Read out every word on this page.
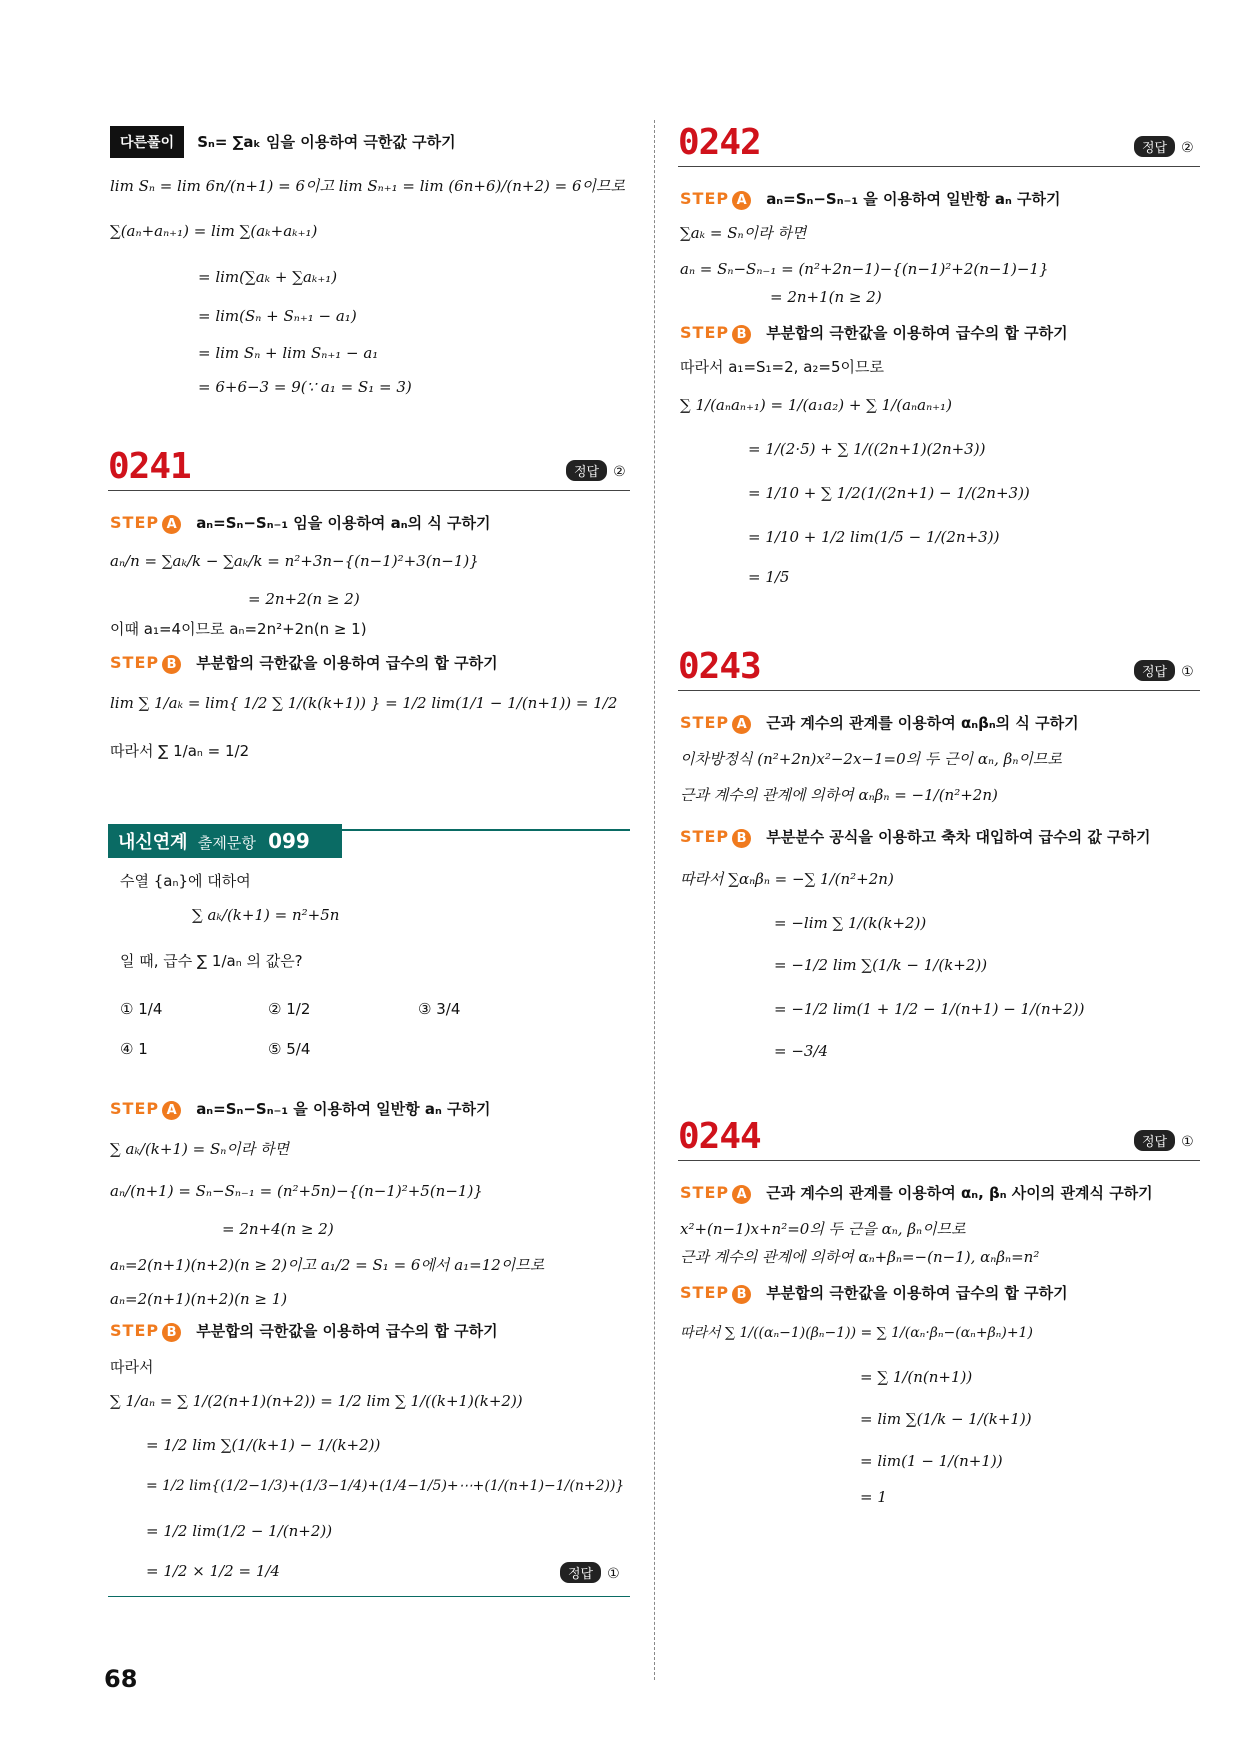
다른풀이 Sₙ= ∑aₖ 임을 이용하여 극한값 구하기
lim Sₙ = lim 6n/(n+1) = 6이고 lim Sₙ₊₁ = lim (6n+6)/(n+2) = 6이므로
∑(aₙ+aₙ₊₁) = lim ∑(aₖ+aₖ₊₁)
= lim(∑aₖ + ∑aₖ₊₁)
= lim(Sₙ + Sₙ₊₁ − a₁)
= lim Sₙ + lim Sₙ₊₁ − a₁
= 6+6−3 = 9(∵ a₁ = S₁ = 3)
0241	정답 ②
STEP A aₙ=Sₙ−Sₙ₋₁ 임을 이용하여 aₙ의 식 구하기
aₙ/n = ∑aₖ/k − ∑aₖ/k = n²+3n−{(n−1)²+3(n−1)}
= 2n+2(n ≥ 2)
이때 a₁=4이므로 aₙ=2n²+2n(n ≥ 1)
STEP B 부분합의 극한값을 이용하여 급수의 합 구하기
lim ∑ 1/aₖ = lim{ 1/2 ∑ 1/(k(k+1)) } = 1/2 lim(1/1 − 1/(n+1)) = 1/2
따라서 ∑ 1/aₙ = 1/2
내신연계 출제문항 099
수열 {aₙ}에 대하여
∑ aₖ/(k+1) = n²+5n
일 때, 급수 ∑ 1/aₙ 의 값은?
① 1/4	② 1/2	③ 3/4
④ 1	⑤ 5/4
STEP A aₙ=Sₙ−Sₙ₋₁ 을 이용하여 일반항 aₙ 구하기
∑ aₖ/(k+1) = Sₙ이라 하면
aₙ/(n+1) = Sₙ−Sₙ₋₁ = (n²+5n)−{(n−1)²+5(n−1)}
= 2n+4(n ≥ 2)
aₙ=2(n+1)(n+2)(n ≥ 2)이고 a₁/2 = S₁ = 6에서 a₁=12이므로
aₙ=2(n+1)(n+2)(n ≥ 1)
STEP B 부분합의 극한값을 이용하여 급수의 합 구하기
따라서
∑ 1/aₙ = ∑ 1/(2(n+1)(n+2)) = 1/2 lim ∑ 1/((k+1)(k+2))
= 1/2 lim ∑(1/(k+1) − 1/(k+2))
= 1/2 lim{(1/2−1/3)+(1/3−1/4)+(1/4−1/5)+⋯+(1/(n+1)−1/(n+2))}
= 1/2 lim(1/2 − 1/(n+2))
= 1/2 × 1/2 = 1/4	정답 ①
0242	정답 ②
STEP A aₙ=Sₙ−Sₙ₋₁ 을 이용하여 일반항 aₙ 구하기
∑aₖ = Sₙ이라 하면
aₙ = Sₙ−Sₙ₋₁ = (n²+2n−1)−{(n−1)²+2(n−1)−1}
= 2n+1(n ≥ 2)
STEP B 부분합의 극한값을 이용하여 급수의 합 구하기
따라서 a₁=S₁=2, a₂=5이므로
∑ 1/(aₙaₙ₊₁) = 1/(a₁a₂) + ∑ 1/(aₙaₙ₊₁)
= 1/(2·5) + ∑ 1/((2n+1)(2n+3))
= 1/10 + ∑ 1/2(1/(2n+1) − 1/(2n+3))
= 1/10 + 1/2 lim(1/5 − 1/(2n+3))
= 1/5
0243	정답 ①
STEP A 근과 계수의 관계를 이용하여 αₙβₙ의 식 구하기
이차방정식 (n²+2n)x²−2x−1=0의 두 근이 αₙ, βₙ이므로
근과 계수의 관계에 의하여 αₙβₙ = −1/(n²+2n)
STEP B 부분분수 공식을 이용하고 축차 대입하여 급수의 값 구하기
따라서 ∑αₙβₙ = −∑ 1/(n²+2n)
= −lim ∑ 1/(k(k+2))
= −1/2 lim ∑(1/k − 1/(k+2))
= −1/2 lim(1 + 1/2 − 1/(n+1) − 1/(n+2))
= −3/4
0244	정답 ①
STEP A 근과 계수의 관계를 이용하여 αₙ, βₙ 사이의 관계식 구하기
x²+(n−1)x+n²=0의 두 근을 αₙ, βₙ이므로
근과 계수의 관계에 의하여 αₙ+βₙ=−(n−1), αₙβₙ=n²
STEP B 부분합의 극한값을 이용하여 급수의 합 구하기
따라서 ∑ 1/((αₙ−1)(βₙ−1)) = ∑ 1/(αₙ·βₙ−(αₙ+βₙ)+1)
= ∑ 1/(n(n+1))
= lim ∑(1/k − 1/(k+1))
= lim(1 − 1/(n+1))
= 1
68
